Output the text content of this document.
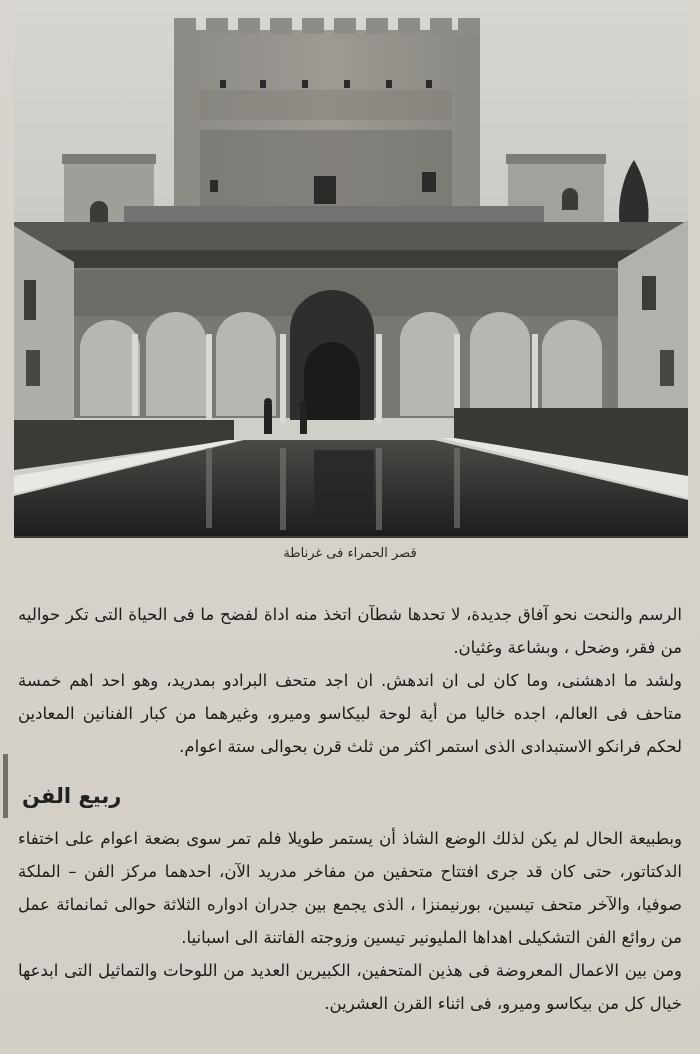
قصر الحمراء فى غرناطة

الرسم والنحت نحو آفاق جديدة، لا تحدها شطآن اتخذ منه اداة لفضح ما فى الحياة التى تكر حواليه من فقر، وضحل ، وبشاعة وغثيان.

ولشد ما ادهشنى، وما كان لى ان اندهش. ان اجد متحف البرادو بمدريد، وهو احد اهم خمسة متاحف فى العالم، اجده خاليا من أية لوحة لبيكاسو وميرو، وغيرهما من كبار الفنانين المعادين لحكم فرانكو الاستبدادى الذى استمر اكثر من ثلث قرن بحوالى ستة اعوام.

ربيع الفن

وبطبيعة الحال لم يكن لذلك الوضع الشاذ أن يستمر طويلا فلم تمر سوى بضعة اعوام على اختفاء الدكتاتور، حتى كان قد جرى افتتاح متحفين من مفاخر مدريد الآن، احدهما مركز الفن – الملكة صوفيا، والآخر متحف تيسين، بورنيمنزا ، الذى يجمع بين جدران ادواره الثلاثة حوالى ثمانمائة عمل من روائع الفن التشكيلى اهداها المليونير تيسين وزوجته الفاتنة الى اسبانيا.

ومن بين الاعمال المعروضة فى هذين المتحفين، الكبيرين العديد من اللوحات والتماثيل التى ابدعها خيال كل من بيكاسو وميرو، فى اثناء القرن العشرين.
